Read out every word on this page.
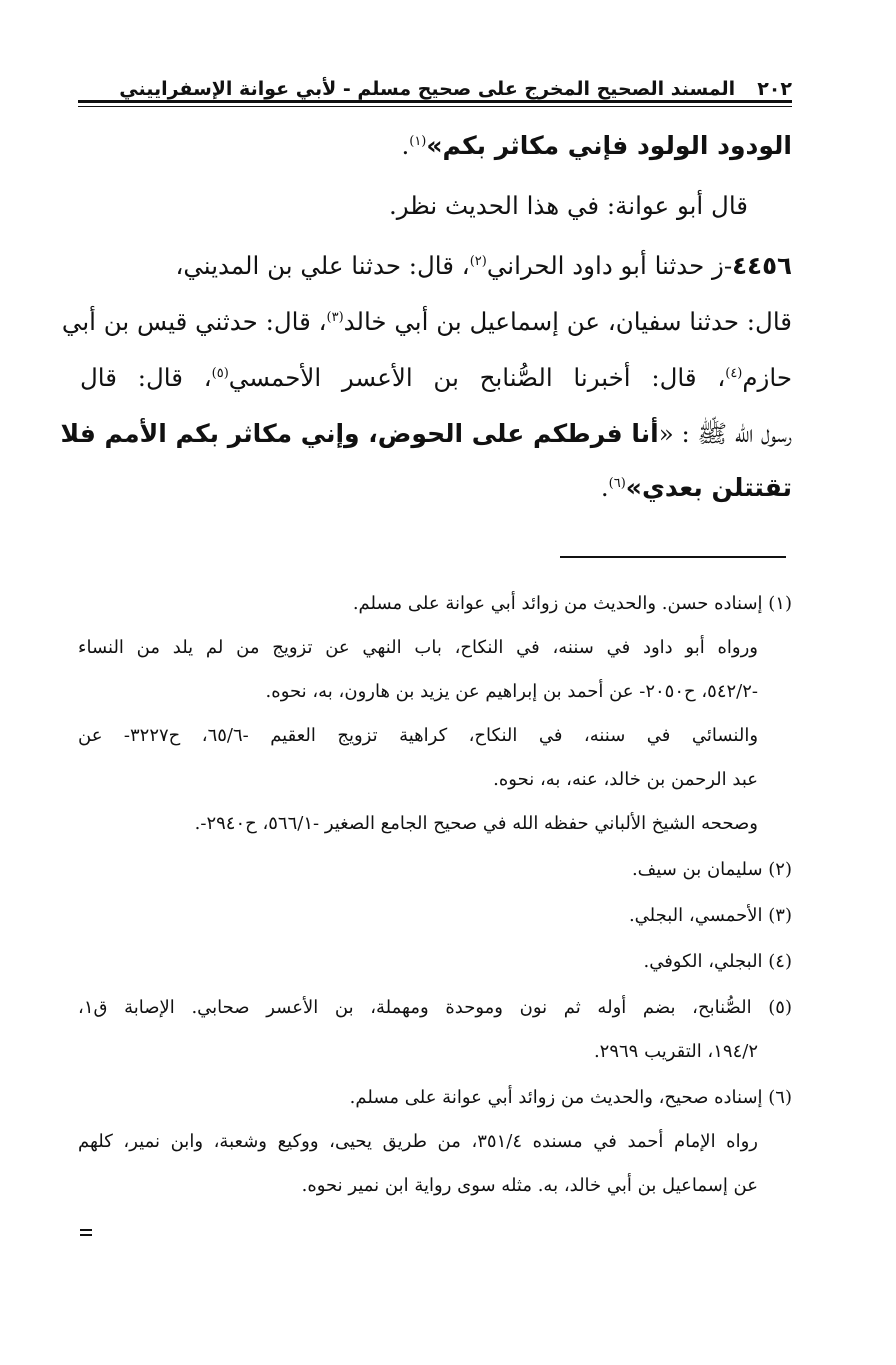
٢٠٢
المسند الصحيح المخرج على صحيح مسلم - لأبي عوانة الإسفراييني
الودود الولود فإني مكاثر بكم»$^{(١)}$.
قال أبو عوانة: في هذا الحديث نظر.
٤٤٥٦-ز حدثنا أبو داود الحراني$^{(٢)}$، قال: حدثنا علي بن المديني،
قال: حدثنا سفيان، عن إسماعيل بن أبي خالد$^{(٣)}$، قال: حدثني قيس بن أبي
حازم$^{(٤)}$، قال: أخبرنا الصُّنابح بن الأعسر الأحمسي$^{(٥)}$، قال: قال
رسول الله ﷺ : «أنا فرطكم على الحوض، وإني مكاثر بكم الأمم فلا
تقتتلن بعدي»$^{(٦)}$.
(١) إسناده حسن. والحديث من زوائد أبي عوانة على مسلم.
ورواه أبو داود في سننه، في النكاح، باب النهي عن تزويج من لم يلد من النساء
-٥٤٢/٢، ح٢٠٥٠- عن أحمد بن إبراهيم عن يزيد بن هارون، به، نحوه.
والنسائي في سننه، في النكاح، كراهية تزويج العقيم -٦٥/٦، ح٣٢٢٧- عن
عبد الرحمن بن خالد، عنه، به، نحوه.
وصححه الشيخ الألباني حفظه الله في صحيح الجامع الصغير -٥٦٦/١، ح٢٩٤٠-.
(٢) سليمان بن سيف.
(٣) الأحمسي، البجلي.
(٤) البجلي، الكوفي.
(٥) الصُّنابح، بضم أوله ثم نون وموحدة ومهملة، بن الأعسر صحابي. الإصابة ق١،
١٩٤/٢، التقريب ٢٩٦٩.
(٦) إسناده صحيح، والحديث من زوائد أبي عوانة على مسلم.
رواه الإمام أحمد في مسنده ٣٥١/٤، من طريق يحيى، ووكيع وشعبة، وابن نمير، كلهم
عن إسماعيل بن أبي خالد، به. مثله سوى رواية ابن نمير نحوه.
